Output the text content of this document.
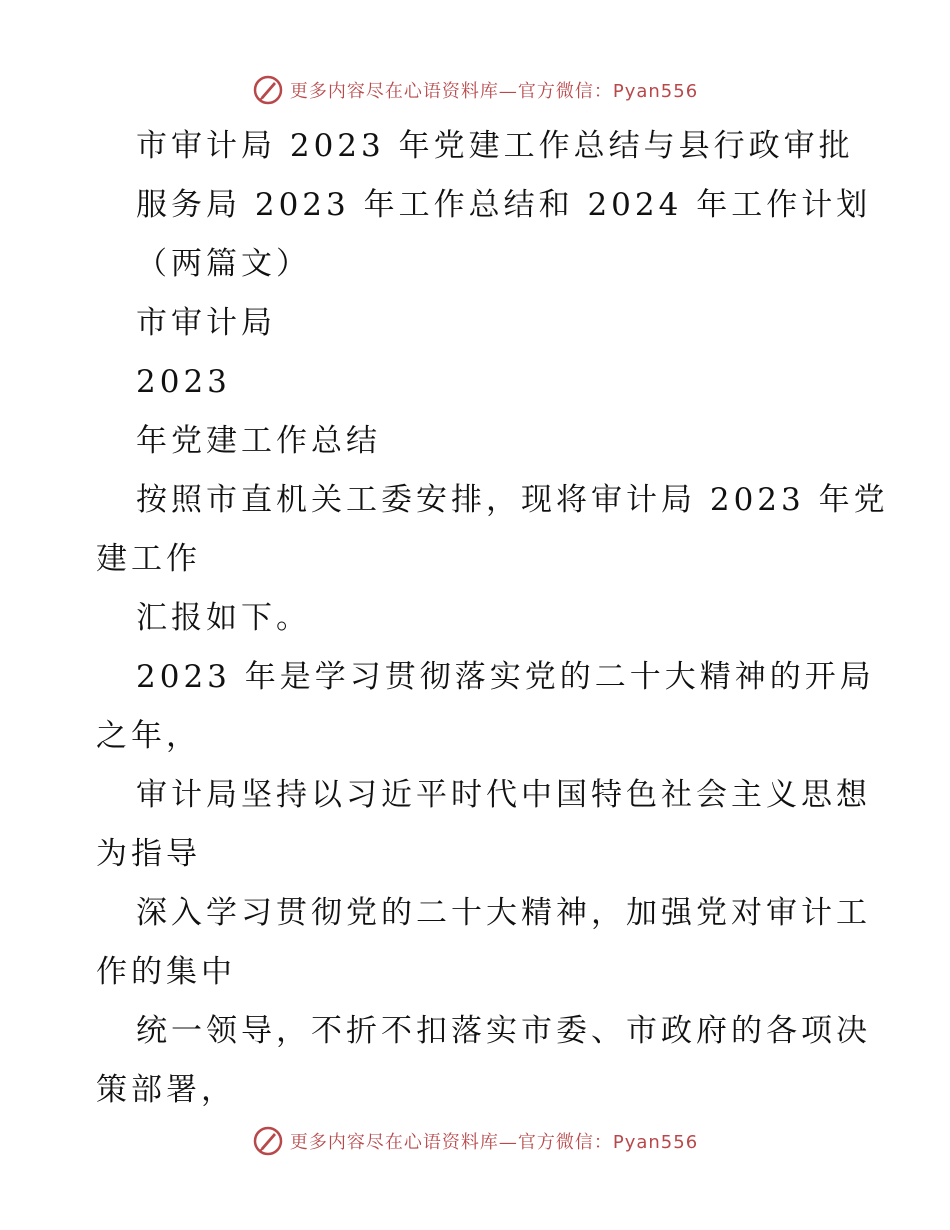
更多内容尽在心语资料库—官方微信：Pyan556
市审计局 2023 年党建工作总结与县行政审批
服务局 2023 年工作总结和 2024 年工作计划
（两篇文）
市审计局
2023
年党建工作总结
按照市直机关工委安排，现将审计局 2023 年党
建工作
汇报如下。
2023 年是学习贯彻落实党的二十大精神的开局
之年，
审计局坚持以习近平时代中国特色社会主义思想
为指导
深入学习贯彻党的二十大精神，加强党对审计工
作的集中
统一领导，不折不扣落实市委、市政府的各项决
策部署，
更多内容尽在心语资料库—官方微信：Pyan556
